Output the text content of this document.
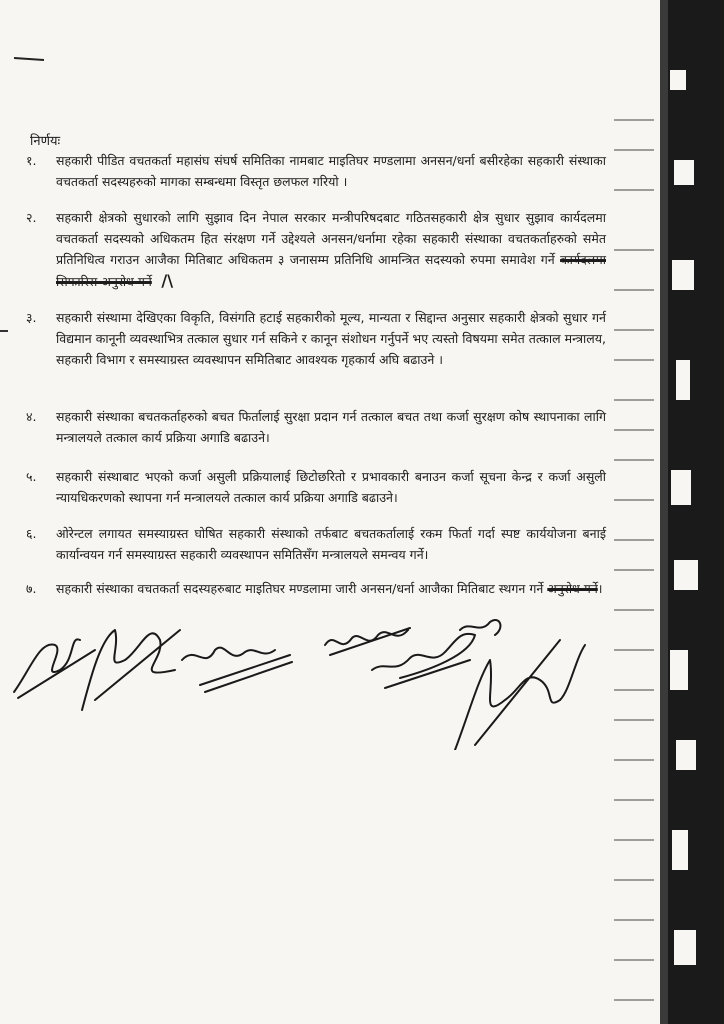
निर्णयः
१.	सहकारी पीडित वचतकर्ता महासंघ संघर्ष समितिका नामबाट माइतिघर मण्डलामा अनसन/धर्ना बसीरहेका सहकारी संस्थाका वचतकर्ता सदस्यहरुको मागका सम्बन्धमा विस्तृत छलफल गरियो ।
२.	सहकारी क्षेत्रको सुधारको लागि सुझाव दिन नेपाल सरकार मन्त्रीपरिषदबाट गठितसहकारी क्षेत्र सुधार सुझाव कार्यदलमा वचतकर्ता सदस्यको अधिकतम हित संरक्षण गर्ने उद्देश्यले अनसन/धर्नामा रहेका सहकारी संस्थाका वचतकर्ताहरुको समेत प्रतिनिधित्व गराउन आजैका मितिबाट अधिकतम ३ जनासम्म प्रतिनिधि आमन्त्रित सदस्यको रुपमा समावेश गर्ने कार्यदलमा सिफारिस अनुरोध गर्ने  /\
३.	सहकारी संस्थामा देखिएका विकृति, विसंगति हटाई सहकारीको मूल्य, मान्यता र सिद्दान्त अनुसार सहकारी क्षेत्रको सुधार गर्न विद्यमान कानूनी व्यवस्थाभित्र तत्काल सुधार गर्न सकिने र कानून संशोधन गर्नुपर्ने भए त्यस्तो विषयमा समेत तत्काल मन्त्रालय, सहकारी विभाग र समस्याग्रस्त व्यवस्थापन समितिबाट आवश्यक गृहकार्य अघि बढाउने ।
४.	सहकारी संस्थाका बचतकर्ताहरुको बचत फिर्तालाई सुरक्षा प्रदान गर्न तत्काल बचत तथा कर्जा सुरक्षण कोष स्थापनाका लागि मन्त्रालयले तत्काल कार्य प्रक्रिया अगाडि बढाउने।
५.	सहकारी संस्थाबाट भएको कर्जा असुली प्रक्रियालाई छिटोछरितो र प्रभावकारी बनाउन कर्जा सूचना केन्द्र र कर्जा असुली न्यायधिकरणको स्थापना गर्न मन्त्रालयले तत्काल कार्य प्रक्रिया अगाडि बढाउने।
६.	ओरेन्टल लगायत समस्याग्रस्त घोषित सहकारी संस्थाको तर्फबाट बचतकर्तालाई रकम फिर्ता गर्दा स्पष्ट कार्ययोजना बनाई कार्यान्वयन गर्न समस्याग्रस्त सहकारी व्यवस्थापन समितिसँग मन्त्रालयले समन्वय गर्ने।
७.	सहकारी संस्थाका वचतकर्ता सदस्यहरुबाट माइतिघर मण्डलामा जारी अनसन/धर्ना आजैका मितिबाट स्थगन गर्ने अनुरोध गर्ने।
